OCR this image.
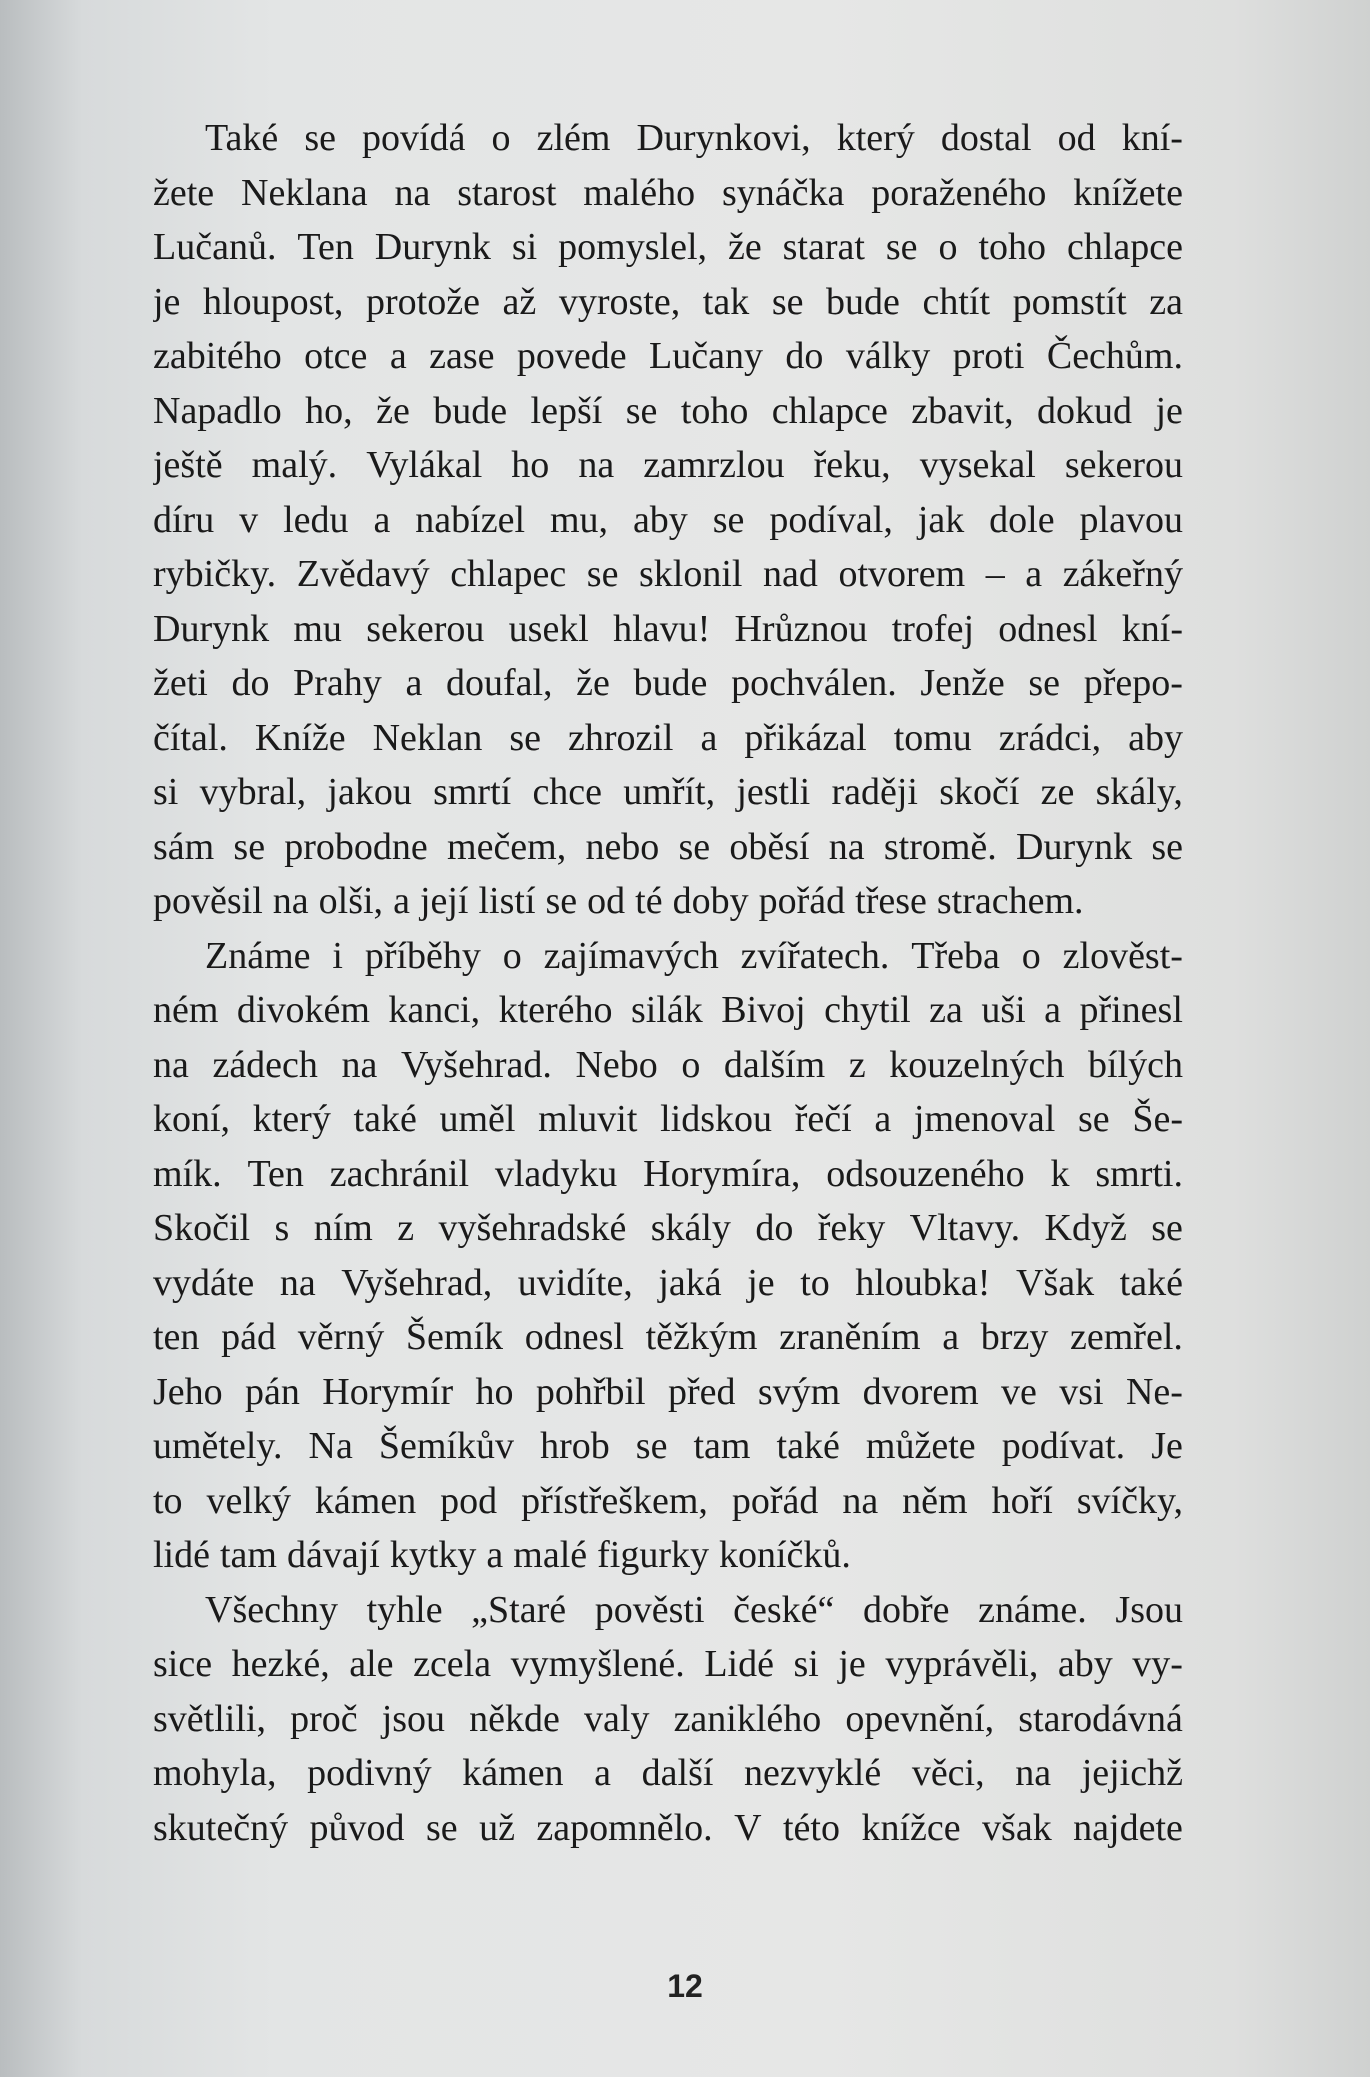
Také se povídá o zlém Durynkovi, který dostal od kní-
žete Neklana na starost malého synáčka poraženého knížete
Lučanů. Ten Durynk si pomyslel, že starat se o toho chlapce
je hloupost, protože až vyroste, tak se bude chtít pomstít za
zabitého otce a zase povede Lučany do války proti Čechům.
Napadlo ho, že bude lepší se toho chlapce zbavit, dokud je
ještě malý. Vylákal ho na zamrzlou řeku, vysekal sekerou
díru v ledu a nabízel mu, aby se podíval, jak dole plavou
rybičky. Zvědavý chlapec se sklonil nad otvorem – a zákeřný
Durynk mu sekerou usekl hlavu! Hrůznou trofej odnesl kní-
žeti do Prahy a doufal, že bude pochválen. Jenže se přepo-
čítal. Kníže Neklan se zhrozil a přikázal tomu zrádci, aby
si vybral, jakou smrtí chce umřít, jestli raději skočí ze skály,
sám se probodne mečem, nebo se oběsí na stromě. Durynk se
pověsil na olši, a její listí se od té doby pořád třese strachem.
Známe i příběhy o zajímavých zvířatech. Třeba o zlověst-
ném divokém kanci, kterého silák Bivoj chytil za uši a přinesl
na zádech na Vyšehrad. Nebo o dalším z kouzelných bílých
koní, který také uměl mluvit lidskou řečí a jmenoval se Še-
mík. Ten zachránil vladyku Horymíra, odsouzeného k smrti.
Skočil s ním z vyšehradské skály do řeky Vltavy. Když se
vydáte na Vyšehrad, uvidíte, jaká je to hloubka! Však také
ten pád věrný Šemík odnesl těžkým zraněním a brzy zemřel.
Jeho pán Horymír ho pohřbil před svým dvorem ve vsi Ne-
umětely. Na Šemíkův hrob se tam také můžete podívat. Je
to velký kámen pod přístřeškem, pořád na něm hoří svíčky,
lidé tam dávají kytky a malé figurky koníčků.
Všechny tyhle „Staré pověsti české“ dobře známe. Jsou
sice hezké, ale zcela vymyšlené. Lidé si je vyprávěli, aby vy-
světlili, proč jsou někde valy zaniklého opevnění, starodávná
mohyla, podivný kámen a další nezvyklé věci, na jejichž
skutečný původ se už zapomnělo. V této knížce však najdete
12
